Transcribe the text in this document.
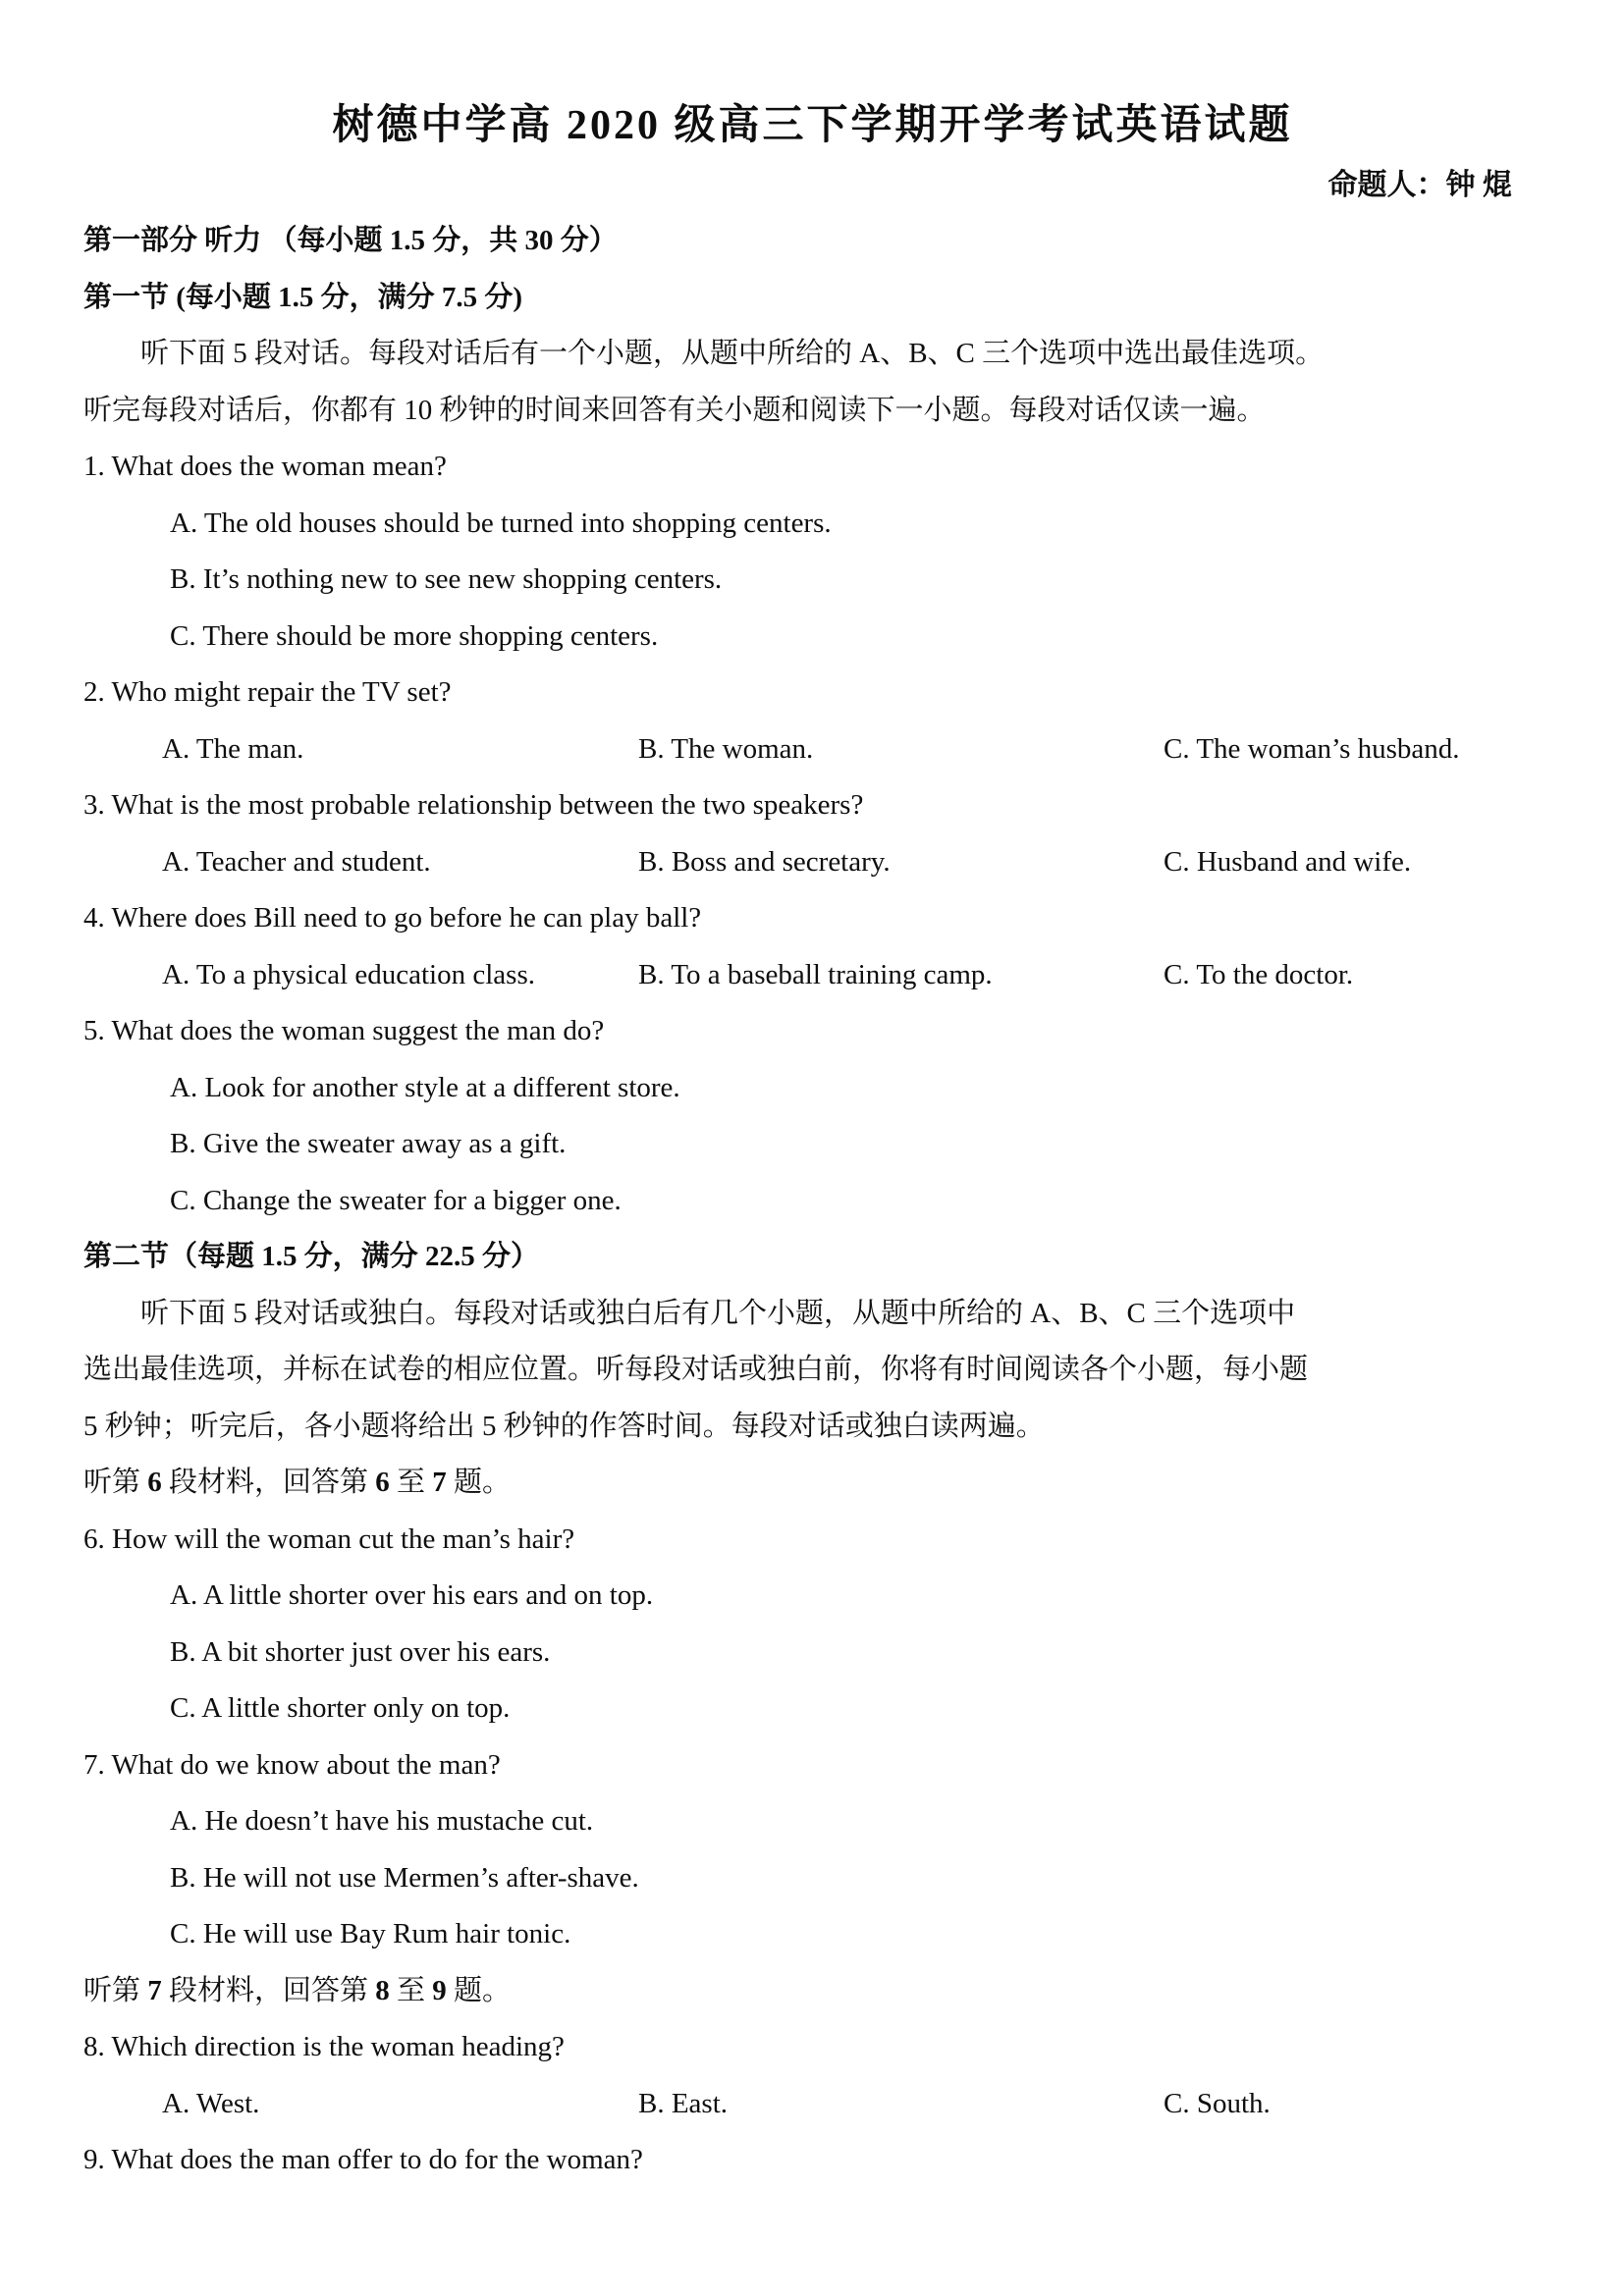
树德中学高 2020 级高三下学期开学考试英语试题
命题人：钟 焜
第一部分 听力 （每小题 1.5 分，共 30 分）
第一节 (每小题 1.5 分，满分 7.5 分)
听下面 5 段对话。每段对话后有一个小题，从题中所给的 A、B、C 三个选项中选出最佳选项。
听完每段对话后，你都有 10 秒钟的时间来回答有关小题和阅读下一小题。每段对话仅读一遍。
1. What does the woman mean?
A. The old houses should be turned into shopping centers.
B. It’s nothing new to see new shopping centers.
C. There should be more shopping centers.
2. Who might repair the TV set?
A. The man.	B. The woman.	C. The woman’s husband.
3. What is the most probable relationship between the two speakers?
A. Teacher and student.	B. Boss and secretary.	C. Husband and wife.
4. Where does Bill need to go before he can play ball?
A. To a physical education class.	B. To a baseball training camp.	C. To the doctor.
5. What does the woman suggest the man do?
A. Look for another style at a different store.
B. Give the sweater away as a gift.
C. Change the sweater for a bigger one.
第二节（每题 1.5 分，满分 22.5 分）
听下面 5 段对话或独白。每段对话或独白后有几个小题，从题中所给的 A、B、C 三个选项中
选出最佳选项，并标在试卷的相应位置。听每段对话或独白前，你将有时间阅读各个小题，每小题
5 秒钟；听完后，各小题将给出 5 秒钟的作答时间。每段对话或独白读两遍。
听第 6 段材料，回答第 6 至 7 题。
6. How will the woman cut the man’s hair?
A. A little shorter over his ears and on top.
B. A bit shorter just over his ears.
C. A little shorter only on top.
7. What do we know about the man?
A. He doesn’t have his mustache cut.
B. He will not use Mermen’s after-shave.
C. He will use Bay Rum hair tonic.
听第 7 段材料，回答第 8 至 9 题。
8. Which direction is the woman heading?
A. West.	B. East.	C. South.
9. What does the man offer to do for the woman?
